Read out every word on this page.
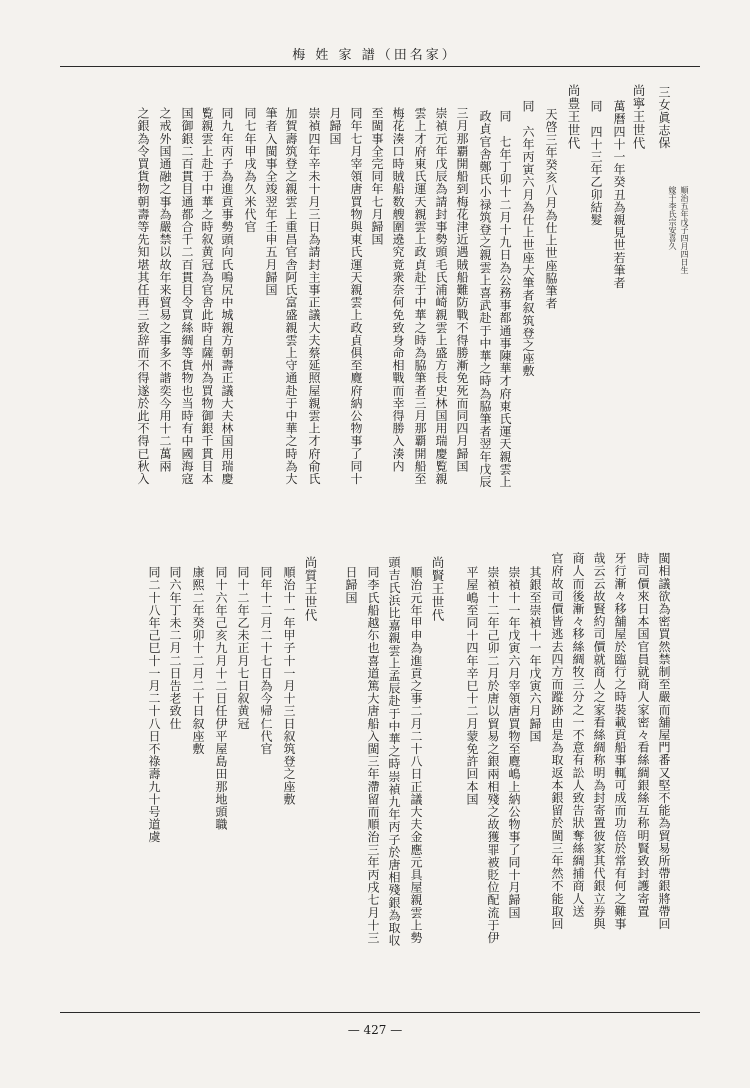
梅 姓 家 譜（田名家）
三女眞志保
尚寧王世代
萬曆四十一年癸丑為親見世若筆者
同　四十三年乙卯結髮
尚豊王世代
天啓三年癸亥八月為仕上世座脇筆者
同　六年丙寅六月為仕上世座大筆者叙筑登之座敷
同　七年丁卯十二月十九日為公務事都通事陳華才府東氏運天親雲上
政貞官舎鄭氏小禄筑登之親雲上喜武赴于中華之時為脇筆者翌年戊辰
三月那覇開船到梅花津近遇賊船難防戰不得勝漸免死而同四月歸国
崇禎元年戊辰為請封事勢頭毛氏浦崎親雲上盛方長史林国用瑞慶覧親
雲上才府東氏運天親雲上政貞赴于中華之時為脇筆者三月那覇開船至
梅花湊口時賊船数艘圍遶究竟衆奈何免致身命相戰而幸得勝入湊内
至閩事全完同年七月歸国
同年七月宰領唐買物與東氏運天親雲上政貞俱至麑府納公物事了同十
月歸国
崇禎四年辛未十月三日為請封主事正議大夫蔡延照屋親雲上才府俞氏
加賀壽筑登之親雲上重昌官舎阿氏富盛親雲上守通赴于中華之時為大
筆者入閩事全竣翌年壬申五月歸国
同七年甲戌為久米代官
同九年丙子為進貢事勢頭向氏鳴尻中城親方朝壽正議大夫林国用瑞慶
覧親雲上赴于中華之時叙黄冠為官舎此時自薩州為買物御銀千貫目本
国御銀二百貫目通都合千二百貫目令買絲綢等貨物也当時有中國海寇
之戒外国通融之事為嚴禁以故年来貿易之事多不諧奕今用十二萬兩
之銀為令買貨物朝壽等先知堪其任再三致辞而不得遂於此不得已秋入	順治五年戊子四月四日生
嫁于李氏宗安喜久
閩相議欲為密買然禁制至嚴而舖屋門番又堅不能為貿易所帶銀將帶回
時司價來日本国官員就商人家密々看絲綢銀絲互称明賢致封護寄置
牙行漸々移舖屋於臨行之時裝載貢船事輒可成而功倍於常有何之難事
哉云云故賢約司價就商人之家看絲綢称明為封寄置彼家其代銀立券與
商人而後漸々移絲綢牧三分之一不意有訟人致告狀奪絲綢捕商人送
官府故司價皆逃去四方而蹤跡由是為取返本銀留於閩三年然不能取回
其銀至崇禎十一年戊寅六月歸国
崇禎十一年戊寅六月宰領唐買物至麑嶋上納公物事了同十月歸国
崇禎十二年己卯二月於唐以貿易之銀兩相殘之故獲罪被貶位配流于伊
平屋嶋至同十四年辛巳十二月蒙免許回本国
尚賢王世代
順治元年甲申為進貢之事二月二十八日正議大夫金應元具屋親雲上勢
頭吉氏浜比嘉親雲上孟辰赴于中華之時崇禎九年丙子於唐相殘銀為取収
同李氏船越尓也喜道篤大唐船入閩三年滯留而順治三年丙戌七月十三
日歸国
尚質王世代
順治十一年甲子十一月十三日叙筑登之座敷
同年十二月二十七日為今帰仁代官
同十二年乙未正月七日叙黄冠
同十六年己亥九月十二日任伊平屋島田那地頭職
康熙二年癸卯十二月二十日叙座敷
同六年丁未二月二日告老致仕
同二十八年己巳十一月二十八日不祿壽九十号道虞
— 427 —
